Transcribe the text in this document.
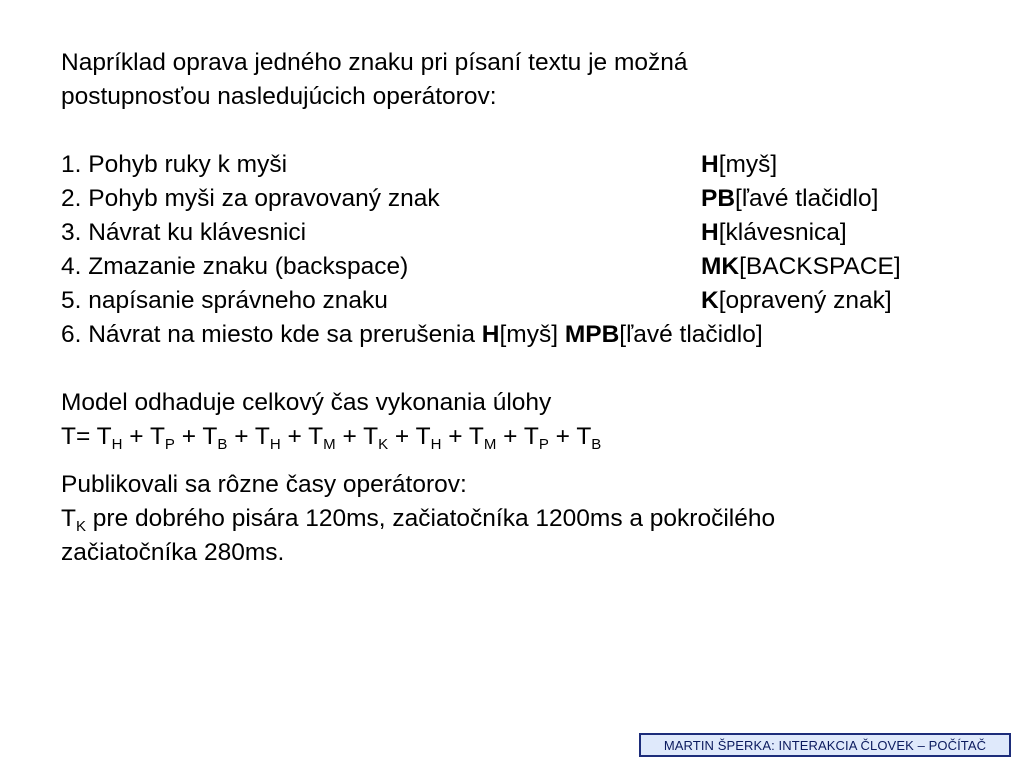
Napríklad oprava jedného znaku pri písaní textu je možná

postupnosťou nasledujúcich operátorov:

1. Pohyb ruky k myši	H[myš]
2. Pohyb myši za opravovaný znak	PB[ľavé tlačidlo]
3. Návrat ku klávesnici	H[klávesnica]
4. Zmazanie znaku (backspace)	MK[BACKSPACE]
5. napísanie správneho znaku	K[opravený znak]
6. Návrat na miesto kde sa prerušenia H[myš] MPB[ľavé tlačidlo]

Model odhaduje celkový čas vykonania úlohy

$T= T_H + T_P + T_B + T_H + T_M + T_K + T_H + T_M + T_P + T_B$

Publikovali sa rôzne časy operátorov:

$T_K$ pre dobrého pisára 120ms, začiatočníka 1200ms a pokročilého

začiatočníka 280ms.

MARTIN ŠPERKA: INTERAKCIA ČLOVEK – POČÍTAČ
